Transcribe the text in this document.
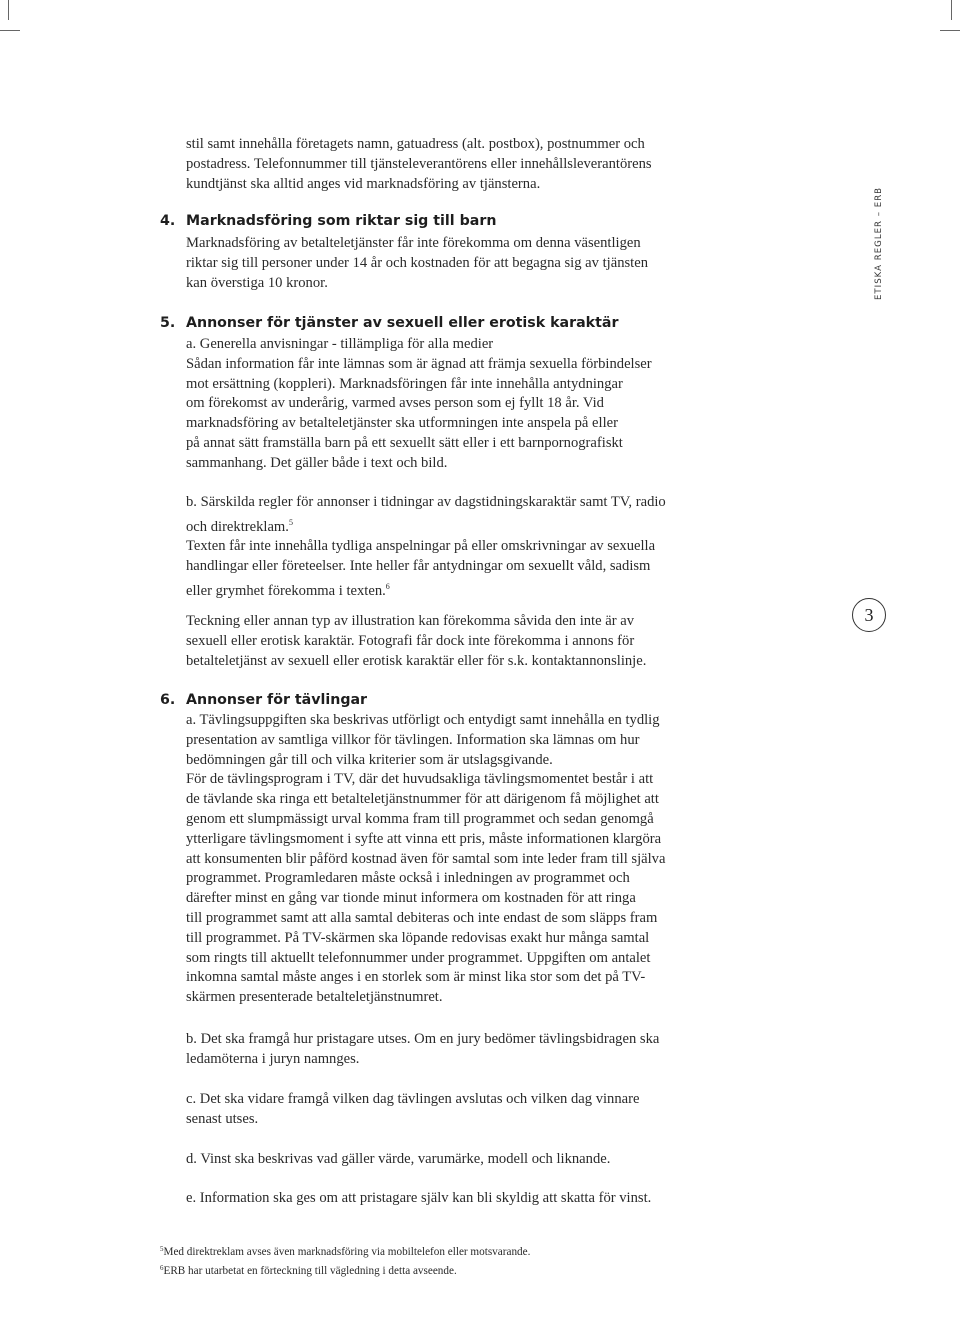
stil samt innehålla företagets namn, gatuadress (alt. postbox), postnummer och
postadress. Telefonnummer till tjänsteleverantörens eller innehållsleverantörens
kundtjänst ska alltid anges vid marknadsföring av tjänsterna.
4. Marknadsföring som riktar sig till barn
Marknadsföring av betalteletjänster får inte förekomma om denna väsentligen
riktar sig till personer under 14 år och kostnaden för att begagna sig av tjänsten
kan överstiga 10 kronor.
5. Annonser för tjänster av sexuell eller erotisk karaktär
a. Generella anvisningar - tillämpliga för alla medier
Sådan information får inte lämnas som är ägnad att främja sexuella förbindelser
mot ersättning (koppleri). Marknadsföringen får inte innehålla antydningar
om förekomst av underårig, varmed avses person som ej fyllt 18 år. Vid
marknadsföring av betalteletjänster ska utformningen inte anspela på eller
på annat sätt framställa barn på ett sexuellt sätt eller i ett barnpornografiskt
sammanhang. Det gäller både i text och bild.
b. Särskilda regler för annonser i tidningar av dagstidningskaraktär samt TV, radio
och direktreklam.$^5$
Texten får inte innehålla tydliga anspelningar på eller omskrivningar av sexuella
handlingar eller företeelser. Inte heller får antydningar om sexuellt våld, sadism
eller grymhet förekomma i texten.$^6$
Teckning eller annan typ av illustration kan förekomma såvida den inte är av
sexuell eller erotisk karaktär. Fotografi får dock inte förekomma i annons för
betalteletjänst av sexuell eller erotisk karaktär eller för s.k. kontaktannonslinje.
6. Annonser för tävlingar
a. Tävlingsuppgiften ska beskrivas utförligt och entydigt samt innehålla en tydlig
presentation av samtliga villkor för tävlingen. Information ska lämnas om hur
bedömningen går till och vilka kriterier som är utslagsgivande.
För de tävlingsprogram i TV, där det huvudsakliga tävlingsmomentet består i att
de tävlande ska ringa ett betalteletjänstnummer för att därigenom få möjlighet att
genom ett slumpmässigt urval komma fram till programmet och sedan genomgå
ytterligare tävlingsmoment i syfte att vinna ett pris, måste informationen klargöra
att konsumenten blir påförd kostnad även för samtal som inte leder fram till själva
programmet. Programledaren måste också i inledningen av programmet och
därefter minst en gång var tionde minut informera om kostnaden för att ringa
till programmet samt att alla samtal debiteras och inte endast de som släpps fram
till programmet. På TV-skärmen ska löpande redovisas exakt hur många samtal
som ringts till aktuellt telefonnummer under programmet. Uppgiften om antalet
inkomna samtal måste anges i en storlek som är minst lika stor som det på TV-
skärmen presenterade betalteletjänstnumret.
b. Det ska framgå hur pristagare utses. Om en jury bedömer tävlingsbidragen ska
ledamöterna i juryn namnges.
c. Det ska vidare framgå vilken dag tävlingen avslutas och vilken dag vinnare
senast utses.
d. Vinst ska beskrivas vad gäller värde, varumärke, modell och liknande.
e. Information ska ges om att pristagare själv kan bli skyldig att skatta för vinst.
ETISKA REGLER – ERB
3
$^5$Med direktreklam avses även marknadsföring via mobiltelefon eller motsvarande.
$^6$ERB har utarbetat en förteckning till vägledning i detta avseende.
